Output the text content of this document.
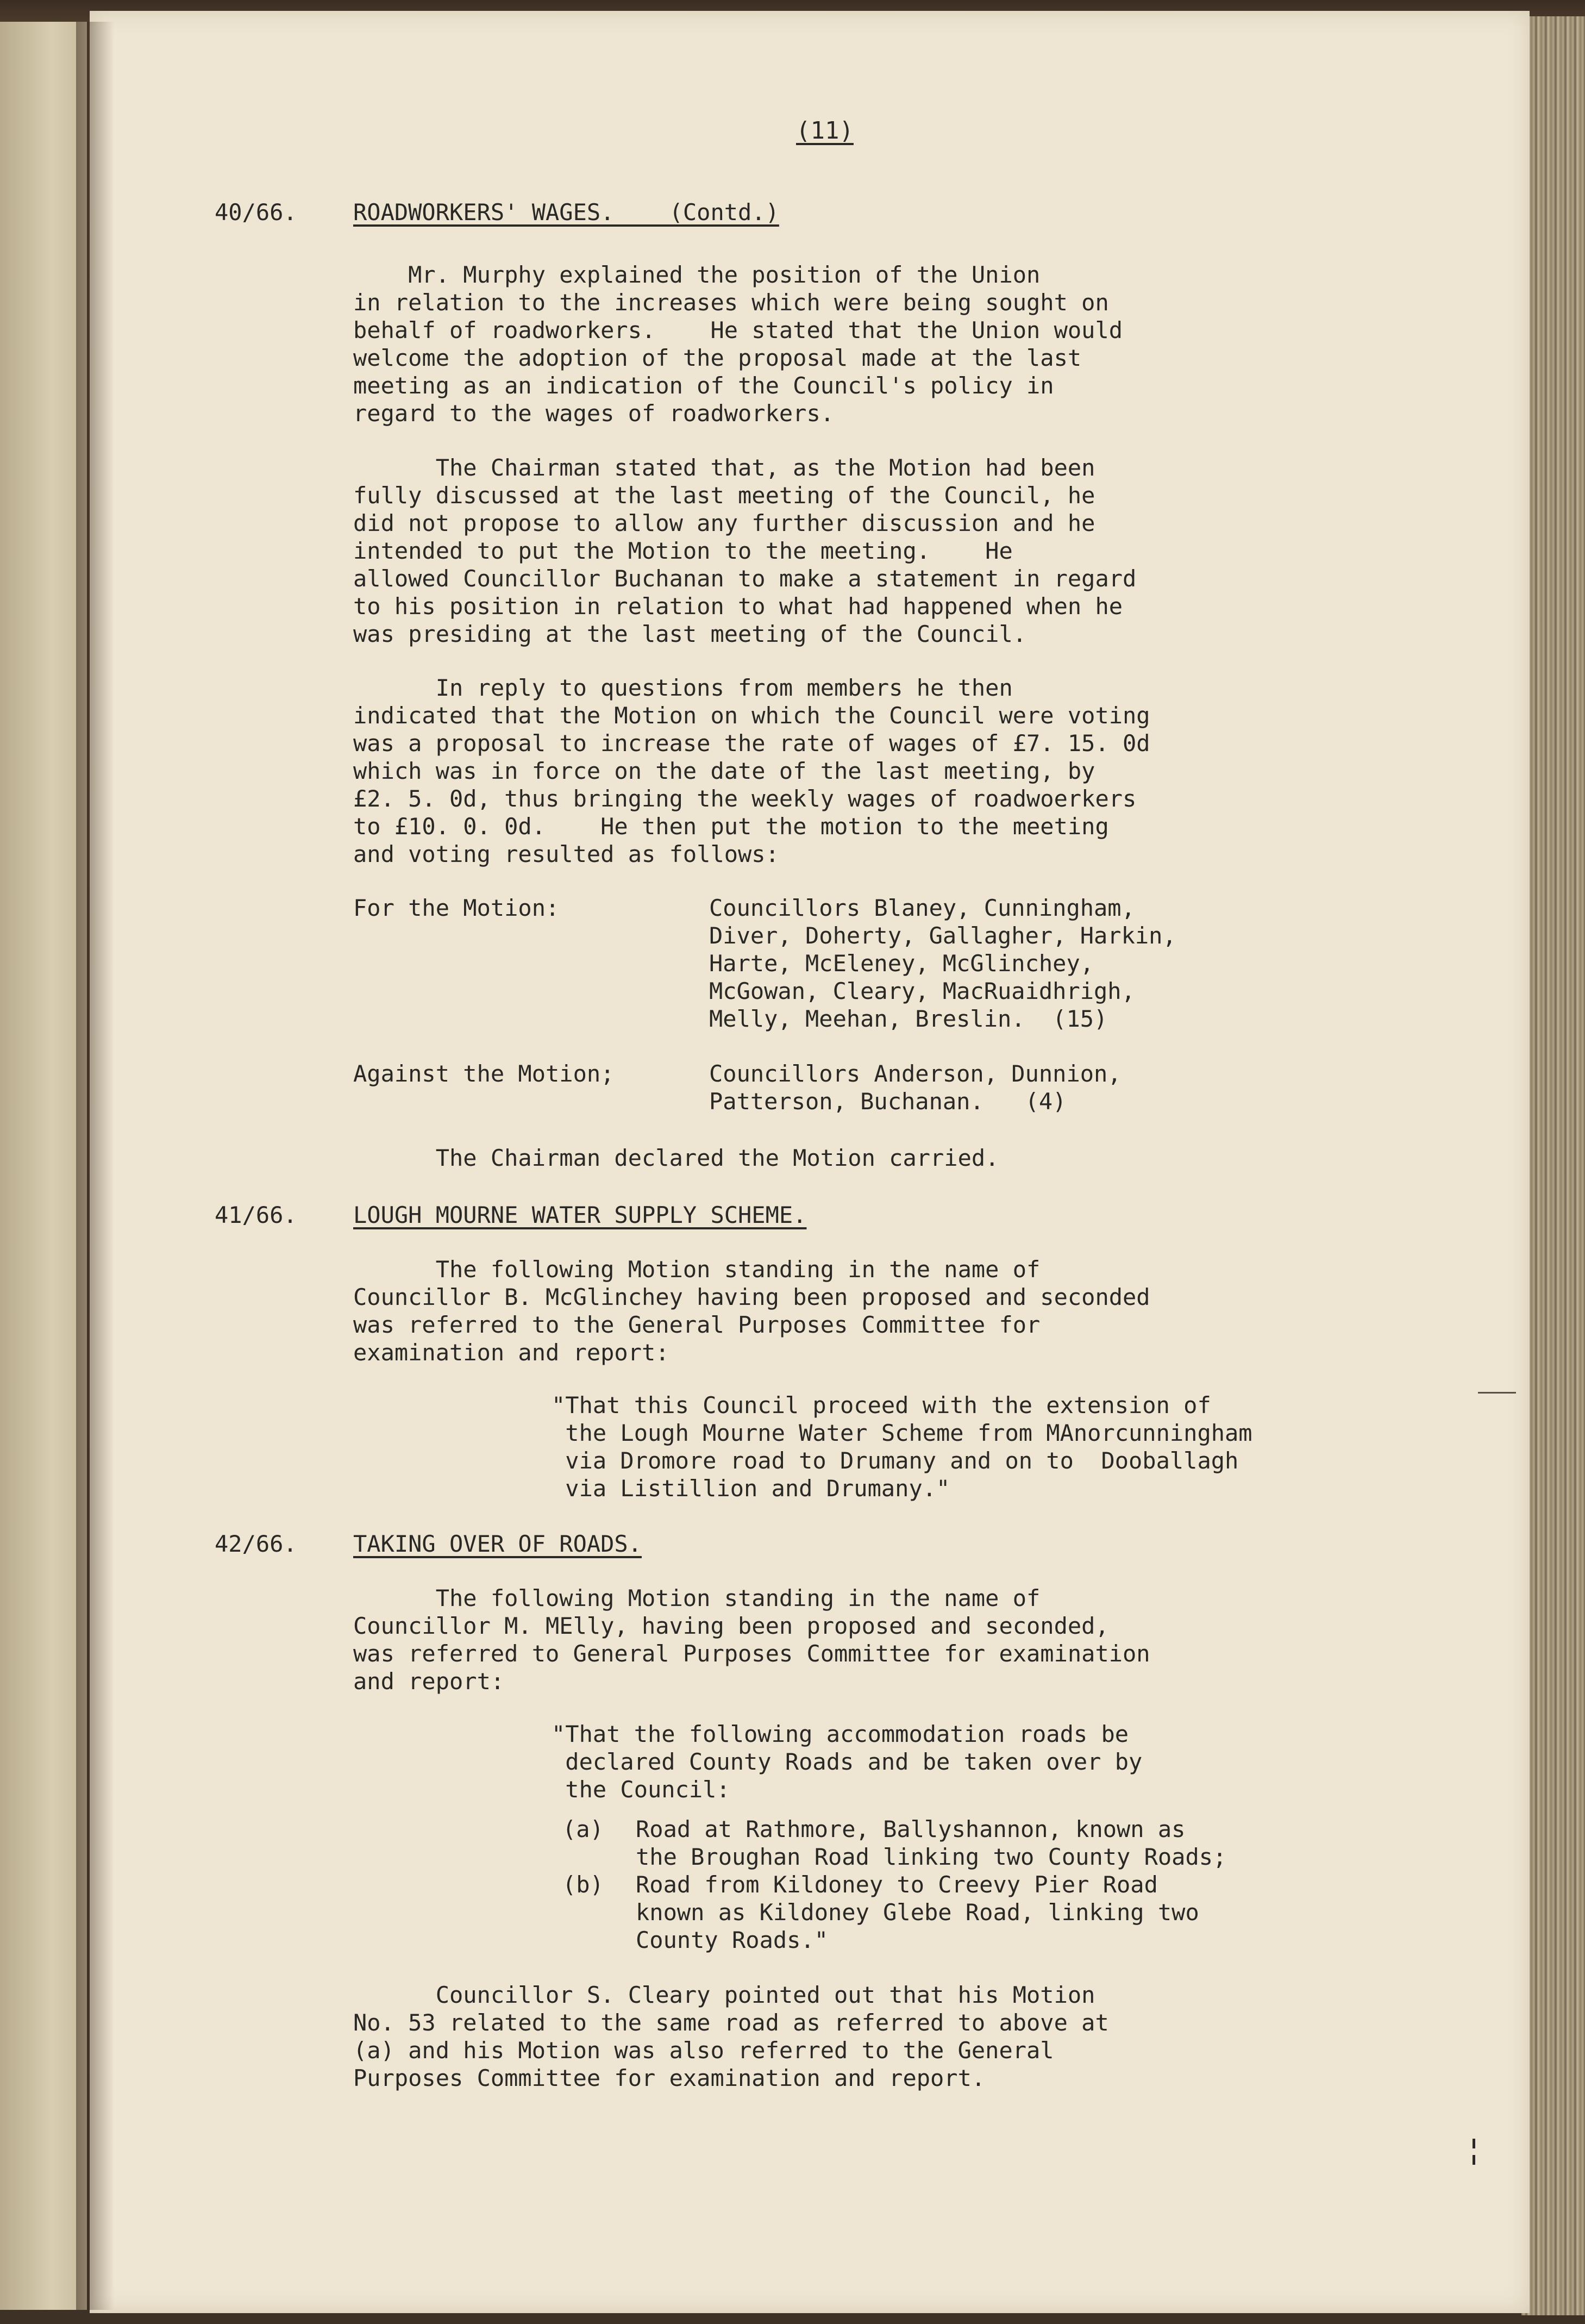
(11)
40/66. ROADWORKERS' WAGES.    (Contd.)
Mr. Murphy explained the position of the Union
in relation to the increases which were being sought on
behalf of roadworkers.    He stated that the Union would
welcome the adoption of the proposal made at the last
meeting as an indication of the Council's policy in
regard to the wages of roadworkers.
The Chairman stated that, as the Motion had been
fully discussed at the last meeting of the Council, he
did not propose to allow any further discussion and he
intended to put the Motion to the meeting.    He
allowed Councillor Buchanan to make a statement in regard
to his position in relation to what had happened when he
was presiding at the last meeting of the Council.
In reply to questions from members he then
indicated that the Motion on which the Council were voting
was a proposal to increase the rate of wages of £7. 15. 0d
which was in force on the date of the last meeting, by
£2. 5. 0d, thus bringing the weekly wages of roadwoerkers
to £10. 0. 0d.    He then put the motion to the meeting
and voting resulted as follows:
For the Motion:	Councillors Blaney, Cunningham,
Diver, Doherty, Gallagher, Harkin,
Harte, McEleney, McGlinchey,
McGowan, Cleary, MacRuaidhrigh,
Melly, Meehan, Breslin.  (15)
Against the Motion;	Councillors Anderson, Dunnion,
Patterson, Buchanan.   (4)
The Chairman declared the Motion carried.
41/66. LOUGH MOURNE WATER SUPPLY SCHEME.
The following Motion standing in the name of
Councillor B. McGlinchey having been proposed and seconded
was referred to the General Purposes Committee for
examination and report:
"That this Council proceed with the extension of
the Lough Mourne Water Scheme from MAnorcunningham
via Dromore road to Drumany and on to  Dooballagh
via Listillion and Drumany."
42/66. TAKING OVER OF ROADS.
The following Motion standing in the name of
Councillor M. MElly, having been proposed and seconded,
was referred to General Purposes Committee for examination
and report:
"That the following accommodation roads be
declared County Roads and be taken over by
the Council:
(a) Road at Rathmore, Ballyshannon, known as
the Broughan Road linking two County Roads;
(b) Road from Kildoney to Creevy Pier Road
known as Kildoney Glebe Road, linking two
County Roads."
Councillor S. Cleary pointed out that his Motion
No. 53 related to the same road as referred to above at
(a) and his Motion was also referred to the General
Purposes Committee for examination and report.
